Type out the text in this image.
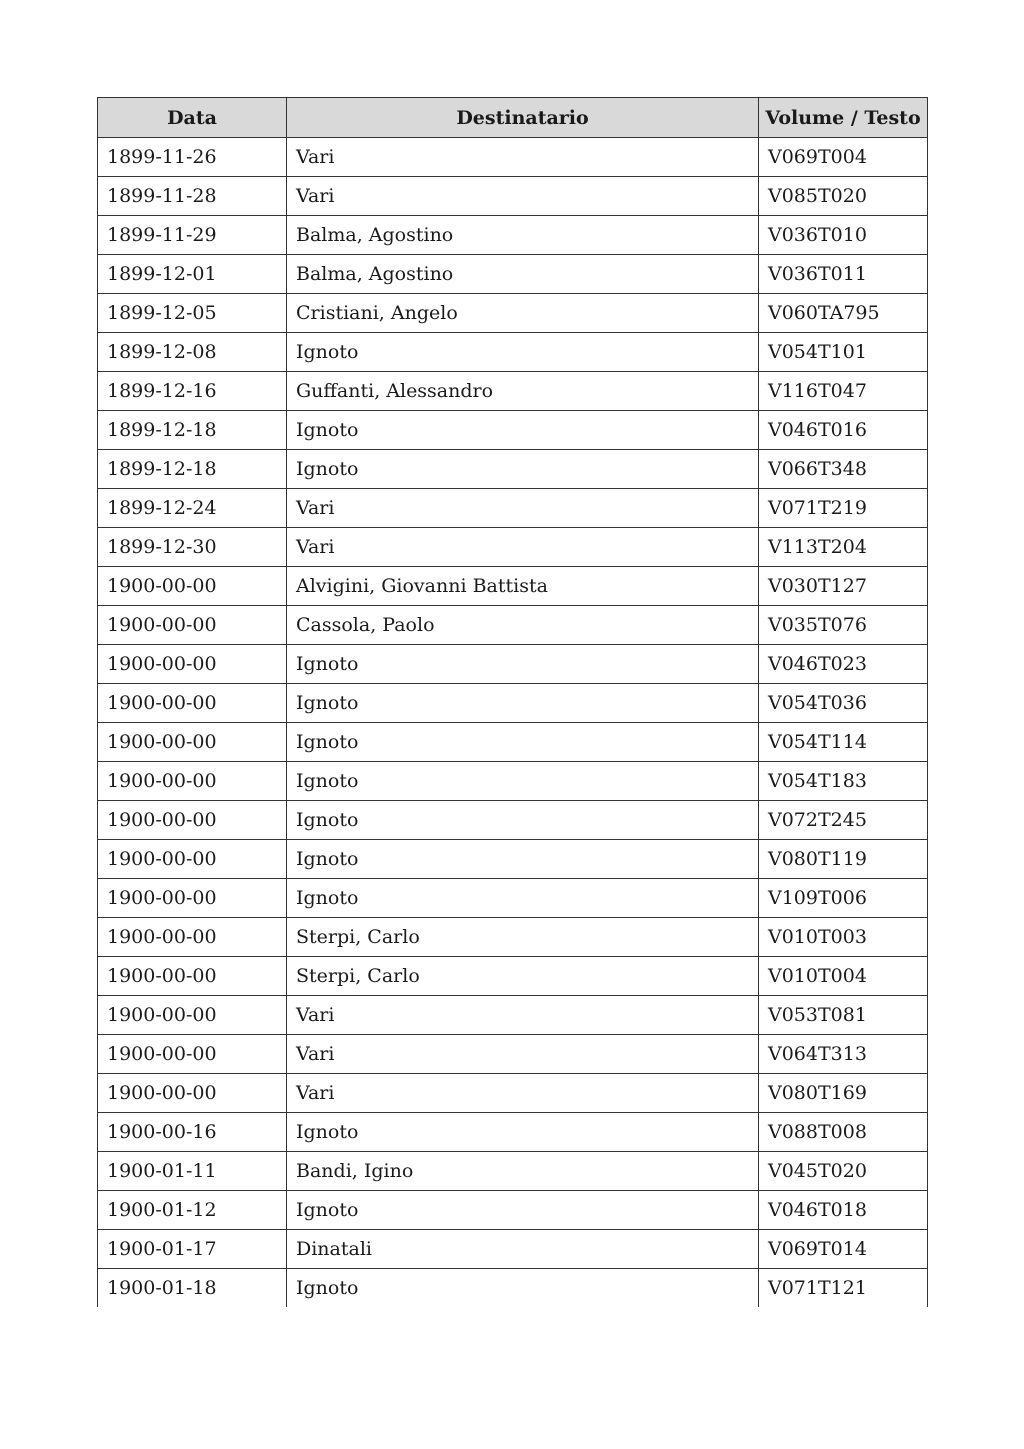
Data	Destinatario	Volume / Testo
1899-11-26	Vari	V069T004
1899-11-28	Vari	V085T020
1899-11-29	Balma, Agostino	V036T010
1899-12-01	Balma, Agostino	V036T011
1899-12-05	Cristiani, Angelo	V060TA795
1899-12-08	Ignoto	V054T101
1899-12-16	Guffanti, Alessandro	V116T047
1899-12-18	Ignoto	V046T016
1899-12-18	Ignoto	V066T348
1899-12-24	Vari	V071T219
1899-12-30	Vari	V113T204
1900-00-00	Alvigini, Giovanni Battista	V030T127
1900-00-00	Cassola, Paolo	V035T076
1900-00-00	Ignoto	V046T023
1900-00-00	Ignoto	V054T036
1900-00-00	Ignoto	V054T114
1900-00-00	Ignoto	V054T183
1900-00-00	Ignoto	V072T245
1900-00-00	Ignoto	V080T119
1900-00-00	Ignoto	V109T006
1900-00-00	Sterpi, Carlo	V010T003
1900-00-00	Sterpi, Carlo	V010T004
1900-00-00	Vari	V053T081
1900-00-00	Vari	V064T313
1900-00-00	Vari	V080T169
1900-00-16	Ignoto	V088T008
1900-01-11	Bandi, Igino	V045T020
1900-01-12	Ignoto	V046T018
1900-01-17	Dinatali	V069T014
1900-01-18	Ignoto	V071T121
